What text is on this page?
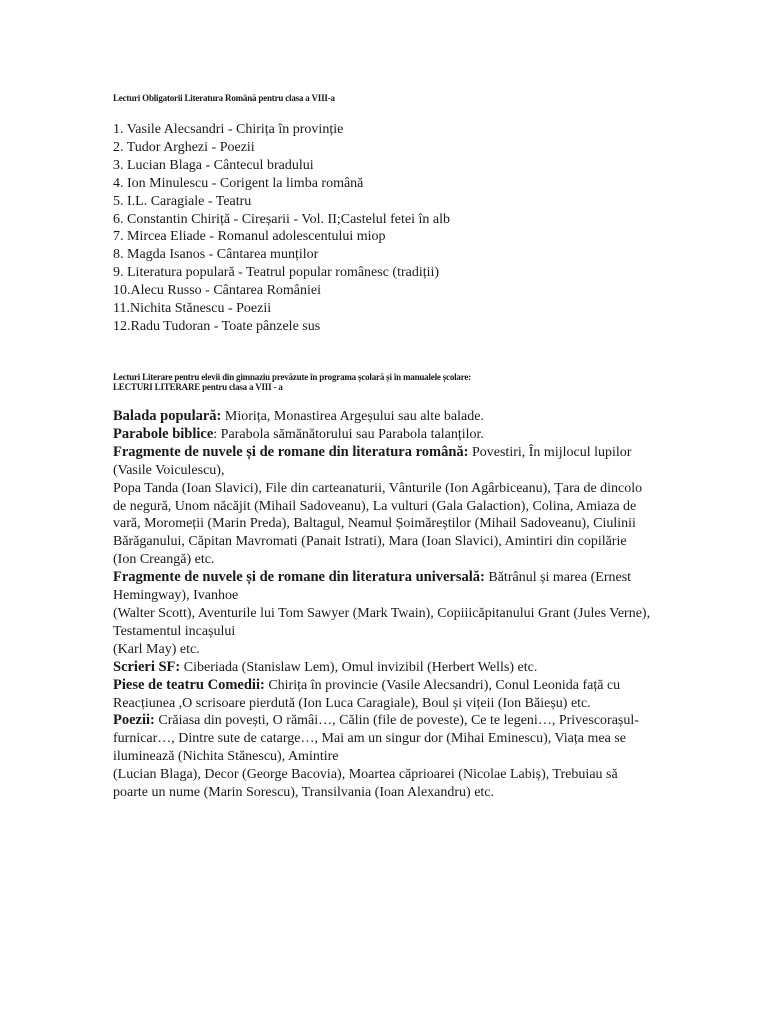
Lecturi Obligatorii Literatura Română pentru clasa a VIII-a
1. Vasile Alecsandri - Chirița în provinție
2. Tudor Arghezi - Poezii
3. Lucian Blaga - Cântecul bradului
4. Ion Minulescu - Corigent la limba română
5. I.L. Caragiale - Teatru
6. Constantin Chiriță - Cireșarii - Vol. II;Castelul fetei în alb
7. Mircea Eliade - Romanul adolescentului miop
8. Magda Isanos - Cântarea munților
9. Literatura populară - Teatrul popular românesc (tradiții)
10.Alecu Russo - Cântarea României
11.Nichita Stănescu - Poezii
12.Radu Tudoran - Toate pânzele sus
Lecturi Literare pentru elevii din gimnaziu prevăzute în programa școlară și în manualele școlare:
LECTURI LITERARE pentru clasa a VIII - a

Balada populară: Miorița, Monastirea Argeșului sau alte balade.

Parabole biblice: Parabola sămănătorului sau Parabola talanților.

Fragmente de nuvele și de romane din literatura română: Povestiri, În mijlocul lupilor (Vasile Voiculescu),

Popa Tanda (Ioan Slavici), File din carteanaturii, Vânturile (Ion Agârbiceanu), Țara de dincolo de negură, Unom năcăjit (Mihail Sadoveanu), La vulturi (Gala Galaction), Colina, Amiaza de vară, Moromeții (Marin Preda), Baltagul, Neamul Șoimăreștilor (Mihail Sadoveanu), Ciulinii Bărăganului, Căpitan Mavromati (Panait Istrati), Mara (Ioan Slavici), Amintiri din copilărie (Ion Creangă) etc.

Fragmente de nuvele și de romane din literatura universală: Bătrânul și marea (Ernest Hemingway), Ivanhoe

(Walter Scott), Aventurile lui Tom Sawyer (Mark Twain), Copiiicăpitanului Grant (Jules Verne), Testamentul incașului

(Karl May) etc.

Scrieri SF: Ciberiada (Stanislaw Lem), Omul invizibil (Herbert Wells) etc.

Piese de teatru Comedii: Chirița în provincie (Vasile Alecsandri), Conul Leonida față cu Reacțiunea ,O scrisoare pierdută (Ion Luca Caragiale), Boul și vițeii (Ion Băieșu) etc.

Poezii: Crăiasa din povești, O rămâi…, Călin (file de poveste), Ce te legeni…, Privescorașul-furnicar…, Dintre sute de catarge…, Mai am un singur dor (Mihai Eminescu), Viața mea se iluminează (Nichita Stănescu), Amintire

(Lucian Blaga), Decor (George Bacovia), Moartea căprioarei (Nicolae Labiș), Trebuiau să poarte un nume (Marin Sorescu), Transilvania (Ioan Alexandru) etc.
